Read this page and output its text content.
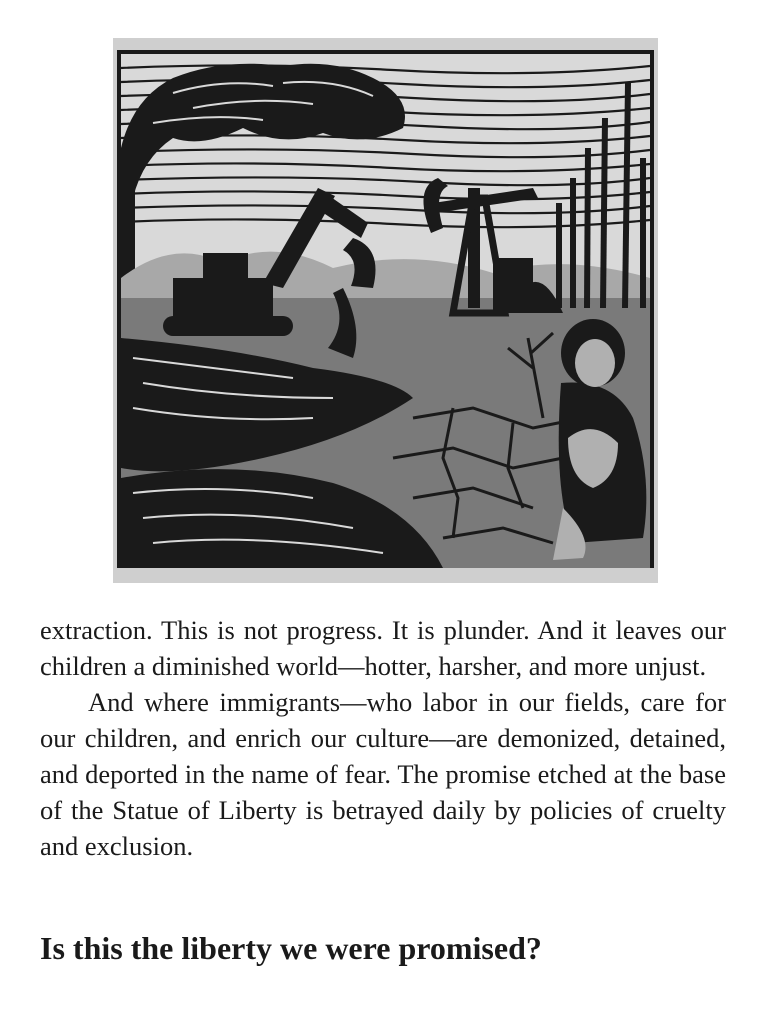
extraction. This is not progress. It is plunder. And it leaves our children a diminished world—hotter, harsher, and more unjust.

And where immigrants—who labor in our fields, care for our children, and enrich our culture—are demonized, detained, and deported in the name of fear. The promise etched at the base of the Statue of Liberty is betrayed daily by policies of cruelty and exclusion.

Is this the liberty we were promised?
